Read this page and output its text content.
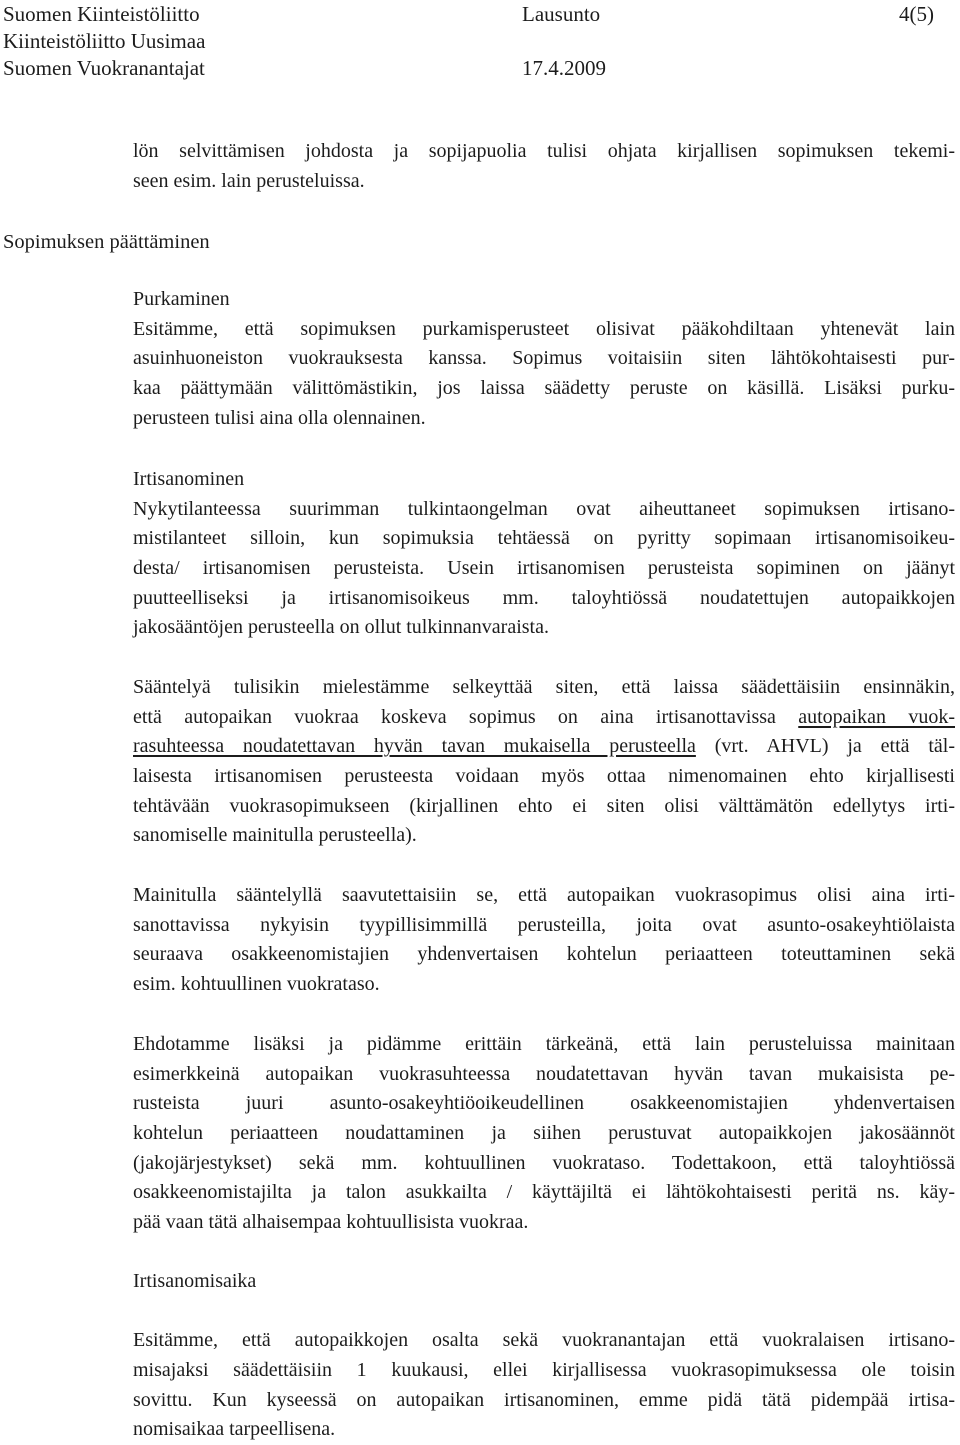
Suomen Kiinteistöliitto	Lausunto	4(5)
Kiinteistöliitto Uusimaa
Suomen Vuokranantajat	17.4.2009
lön selvittämisen johdosta ja sopijapuolia tulisi ohjata kirjallisen sopimuksen tekemi-
seen esim. lain perusteluissa.
Sopimuksen päättäminen
Purkaminen
Esitämme, että sopimuksen purkamisperusteet olisivat pääkohdiltaan yhtenevät lain
asuinhuoneiston vuokrauksesta kanssa. Sopimus voitaisiin siten lähtökohtaisesti pur-
kaa päättymään välittömästikin, jos laissa säädetty peruste on käsillä. Lisäksi purku-
perusteen tulisi aina olla olennainen.
Irtisanominen
Nykytilanteessa suurimman tulkintaongelman ovat aiheuttaneet sopimuksen irtisano-
mistilanteet silloin, kun sopimuksia tehtäessä on pyritty sopimaan irtisanomisoikeu-
desta/ irtisanomisen perusteista. Usein irtisanomisen perusteista sopiminen on jäänyt
puutteelliseksi ja irtisanomisoikeus mm. taloyhtiössä noudatettujen autopaikkojen
jakosääntöjen perusteella on ollut tulkinnanvaraista.
Sääntelyä tulisikin mielestämme selkeyttää siten, että laissa säädettäisiin ensinnäkin,
että autopaikan vuokraa koskeva sopimus on aina irtisanottavissa autopaikan vuok-
rasuhteessa noudatettavan hyvän tavan mukaisella perusteella (vrt. AHVL) ja että täl-
laisesta irtisanomisen perusteesta voidaan myös ottaa nimenomainen ehto kirjallisesti
tehtävään vuokrasopimukseen (kirjallinen ehto ei siten olisi välttämätön edellytys irti-
sanomiselle mainitulla perusteella).
Mainitulla sääntelyllä saavutettaisiin se, että autopaikan vuokrasopimus olisi aina irti-
sanottavissa nykyisin tyypillisimmillä perusteilla, joita ovat asunto-osakeyhtiölaista
seuraava osakkeenomistajien yhdenvertaisen kohtelun periaatteen toteuttaminen sekä
esim. kohtuullinen vuokrataso.
Ehdotamme lisäksi ja pidämme erittäin tärkeänä, että lain perusteluissa mainitaan
esimerkkeinä autopaikan vuokrasuhteessa noudatettavan hyvän tavan mukaisista pe-
rusteista juuri asunto-osakeyhtiöoikeudellinen osakkeenomistajien yhdenvertaisen
kohtelun periaatteen noudattaminen ja siihen perustuvat autopaikkojen jakosäännöt
(jakojärjestykset) sekä mm. kohtuullinen vuokrataso. Todettakoon, että taloyhtiössä
osakkeenomistajilta ja talon asukkailta / käyttäjiltä ei lähtökohtaisesti peritä ns. käy-
pää vaan tätä alhaisempaa kohtuullisista vuokraa.
Irtisanomisaika
Esitämme, että autopaikkojen osalta sekä vuokranantajan että vuokralaisen irtisano-
misajaksi säädettäisiin 1 kuukausi, ellei kirjallisessa vuokrasopimuksessa ole toisin
sovittu. Kun kyseessä on autopaikan irtisanominen, emme pidä tätä pidempää irtisa-
nomisaikaa tarpeellisena.
